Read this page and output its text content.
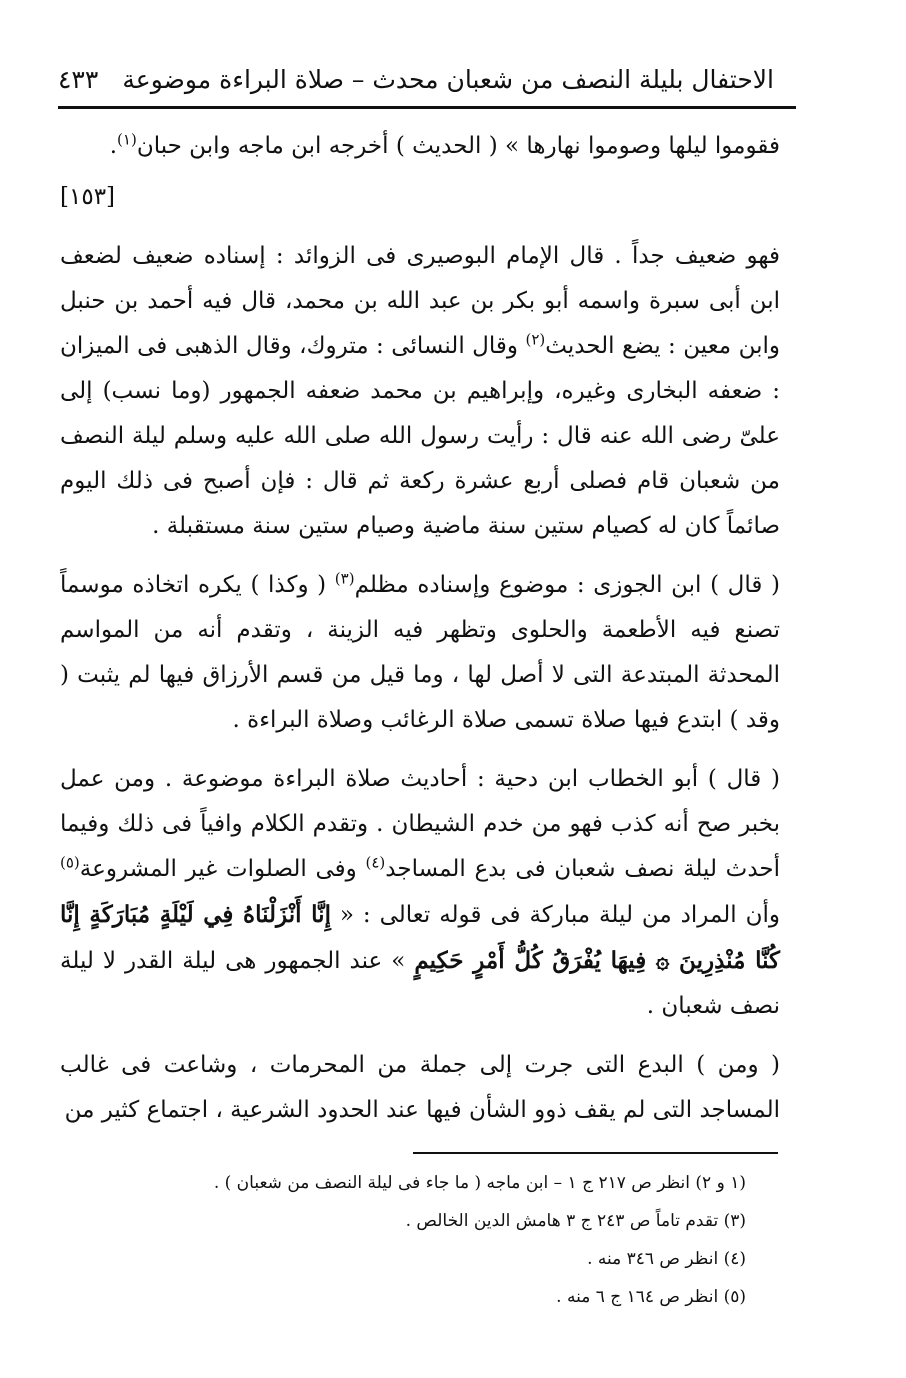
الاحتفال بليلة النصف من شعبان محدث – صلاة البراءة موضوعة
٤٣٣

فقوموا ليلها وصوموا نهارها » ( الحديث ) أخرجه ابن ماجه وابن حبان$^{(١)}$.

[١٥٣]

فهو ضعيف جداً . قال الإمام البوصيرى فى الزوائد : إسناده ضعيف لضعف ابن أبى سبرة واسمه أبو بكر بن عبد الله بن محمد، قال فيه أحمد بن حنبل وابن معين : يضع الحديث$^{(٢)}$ وقال النسائى : متروك، وقال الذهبى فى الميزان : ضعفه البخارى وغيره، وإبراهيم بن محمد ضعفه الجمهور (وما نسب) إلى علىّ رضى الله عنه قال : رأيت رسول الله صلى الله عليه وسلم ليلة النصف من شعبان قام فصلى أربع عشرة ركعة ثم قال : فإن أصبح فى ذلك اليوم صائماً كان له كصيام ستين سنة ماضية وصيام ستين سنة مستقبلة .

( قال ) ابن الجوزى : موضوع وإسناده مظلم$^{(٣)}$ ( وكذا ) يكره اتخاذه موسماً تصنع فيه الأطعمة والحلوى وتظهر فيه الزينة ، وتقدم أنه من المواسم المحدثة المبتدعة التى لا أصل لها ، وما قيل من قسم الأرزاق فيها لم يثبت ( وقد ) ابتدع فيها صلاة تسمى صلاة الرغائب وصلاة البراءة .

( قال ) أبو الخطاب ابن دحية : أحاديث صلاة البراءة موضوعة . ومن عمل بخبر صح أنه كذب فهو من خدم الشيطان . وتقدم الكلام وافياً فى ذلك وفيما أحدث ليلة نصف شعبان فى بدع المساجد$^{(٤)}$ وفى الصلوات غير المشروعة$^{(٥)}$ وأن المراد من ليلة مباركة فى قوله تعالى : « إِنَّا أَنْزَلْنَاهُ فِي لَيْلَةٍ مُبَارَكَةٍ إِنَّا كُنَّا مُنْذِرِينَ ۞ فِيهَا يُفْرَقُ كُلُّ أَمْرٍ حَكِيمٍ » عند الجمهور هى ليلة القدر لا ليلة نصف شعبان .

( ومن ) البدع التى جرت إلى جملة من المحرمات ، وشاعت فى غالب المساجد التى لم يقف ذوو الشأن فيها عند الحدود الشرعية ، اجتماع كثير من

(١ و ٢) انظر ص ٢١٧ ج ١ – ابن ماجه ( ما جاء فى ليلة النصف من شعبان ) .
(٣) تقدم تاماً ص ٢٤٣ ج ٣ هامش الدين الخالص .
(٤) انظر ص ٣٤٦ منه .
(٥) انظر ص ١٦٤ ج ٦ منه .
